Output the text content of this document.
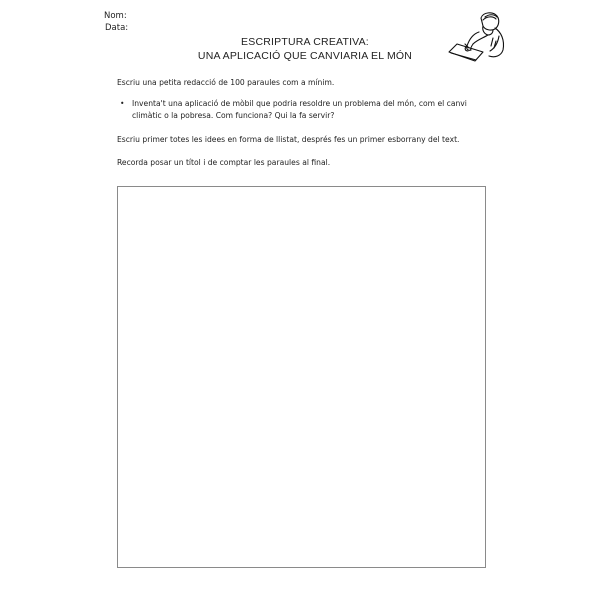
Nom:
Data:
ESCRIPTURA CREATIVA:
UNA APLICACIÓ QUE CANVIARIA EL MÓN
Escriu una petita redacció de 100 paraules com a mínim.
• Inventa't una aplicació de mòbil que podria resoldre un problema del món, com el canvi climàtic o la pobresa. Com funciona? Qui la fa servir?
Escriu primer totes les idees en forma de llistat, després fes un primer esborrany del text.
Recorda posar un títol i de comptar les paraules al final.
